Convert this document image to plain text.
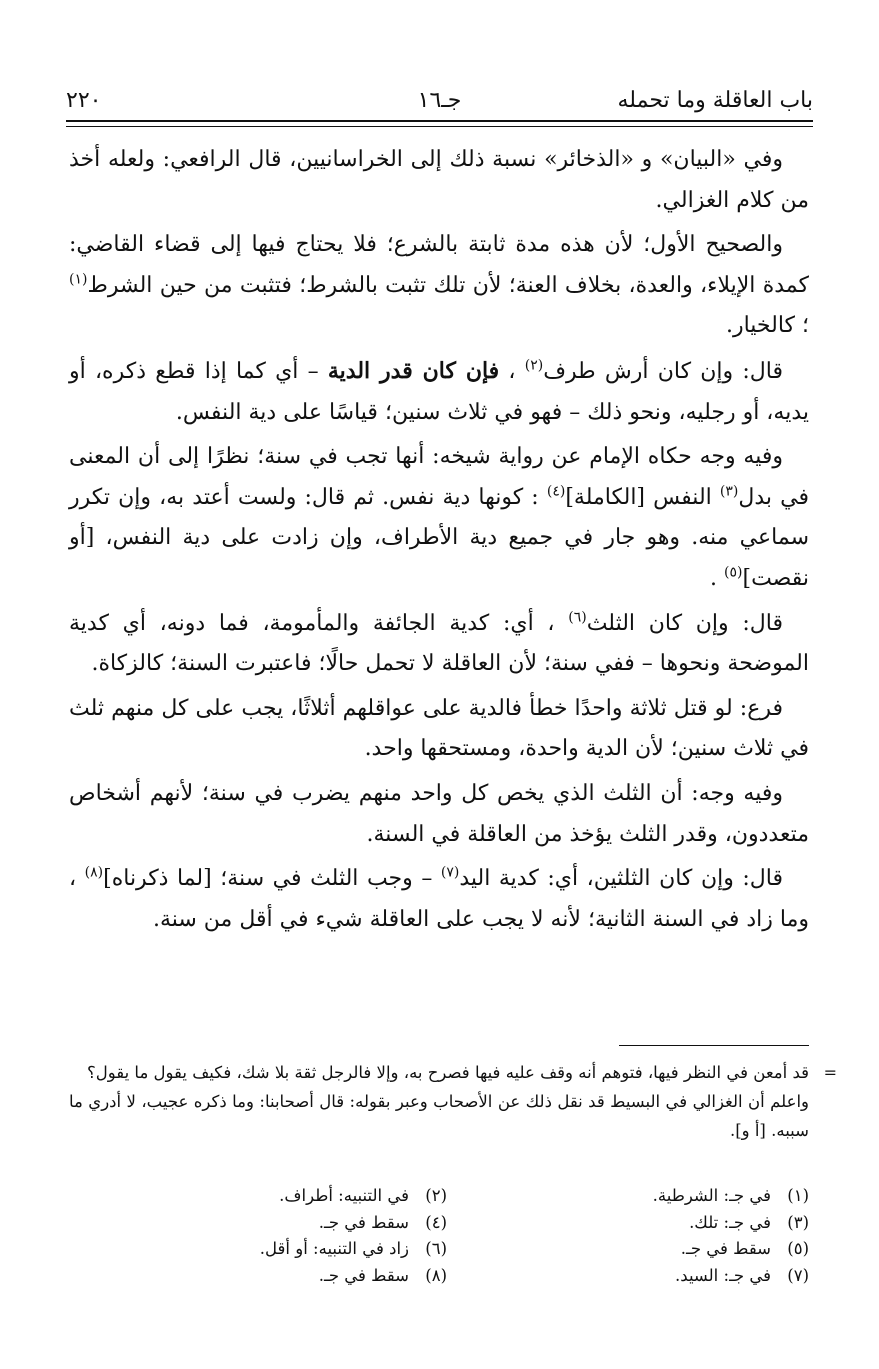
باب العاقلة وما تحمله
جـ١٦
٢٢٠

وفي «البيان» و «الذخائر» نسبة ذلك إلى الخراسانيين، قال الرافعي: ولعله أخذ من كلام الغزالي.

والصحيح الأول؛ لأن هذه مدة ثابتة بالشرع؛ فلا يحتاج فيها إلى قضاء القاضي: كمدة الإيلاء، والعدة، بخلاف العنة؛ لأن تلك تثبت بالشرط؛ فتثبت من حين الشرط$^{(١)}$ ؛ كالخيار.

قال: وإن كان أرش طرف$^{(٢)}$ ، فإن كان قدر الدية – أي كما إذا قطع ذكره، أو يديه، أو رجليه، ونحو ذلك – فهو في ثلاث سنين؛ قياسًا على دية النفس.

وفيه وجه حكاه الإمام عن رواية شيخه: أنها تجب في سنة؛ نظرًا إلى أن المعنى في بدل$^{(٣)}$ النفس [الكاملة]$^{(٤)}$ : كونها دية نفس. ثم قال: ولست أعتد به، وإن تكرر سماعي منه. وهو جار في جميع دية الأطراف، وإن زادت على دية النفس، [أو نقصت]$^{(٥)}$ .

قال: وإن كان الثلث$^{(٦)}$ ، أي: كدية الجائفة والمأمومة، فما دونه، أي كدية الموضحة ونحوها – ففي سنة؛ لأن العاقلة لا تحمل حالًا؛ فاعتبرت السنة؛ كالزكاة.

فرع: لو قتل ثلاثة واحدًا خطأ فالدية على عواقلهم أثلاثًا، يجب على كل منهم ثلث في ثلاث سنين؛ لأن الدية واحدة، ومستحقها واحد.

وفيه وجه: أن الثلث الذي يخص كل واحد منهم يضرب في سنة؛ لأنهم أشخاص متعددون، وقدر الثلث يؤخذ من العاقلة في السنة.

قال: وإن كان الثلثين، أي: كدية اليد$^{(٧)}$ – وجب الثلث في سنة؛ [لما ذكرناه]$^{(٨)}$ ، وما زاد في السنة الثانية؛ لأنه لا يجب على العاقلة شيء في أقل من سنة.

=

قد أمعن في النظر فيها، فتوهم أنه وقف عليه فيها فصرح به، وإلا فالرجل ثقة بلا شك، فكيف يقول ما يقول؟

واعلم أن الغزالي في البسيط قد نقل ذلك عن الأصحاب وعبر بقوله: قال أصحابنا: وما ذكره عجيب، لا أدري ما سببه. [أ و].

(١)في جـ: الشرطية.
(٢)في التنبيه: أطراف.
(٣)في جـ: تلك.
(٤)سقط في جـ.
(٥)سقط في جـ.
(٦)زاد في التنبيه: أو أقل.
(٧)في جـ: السيد.
(٨)سقط في جـ.
